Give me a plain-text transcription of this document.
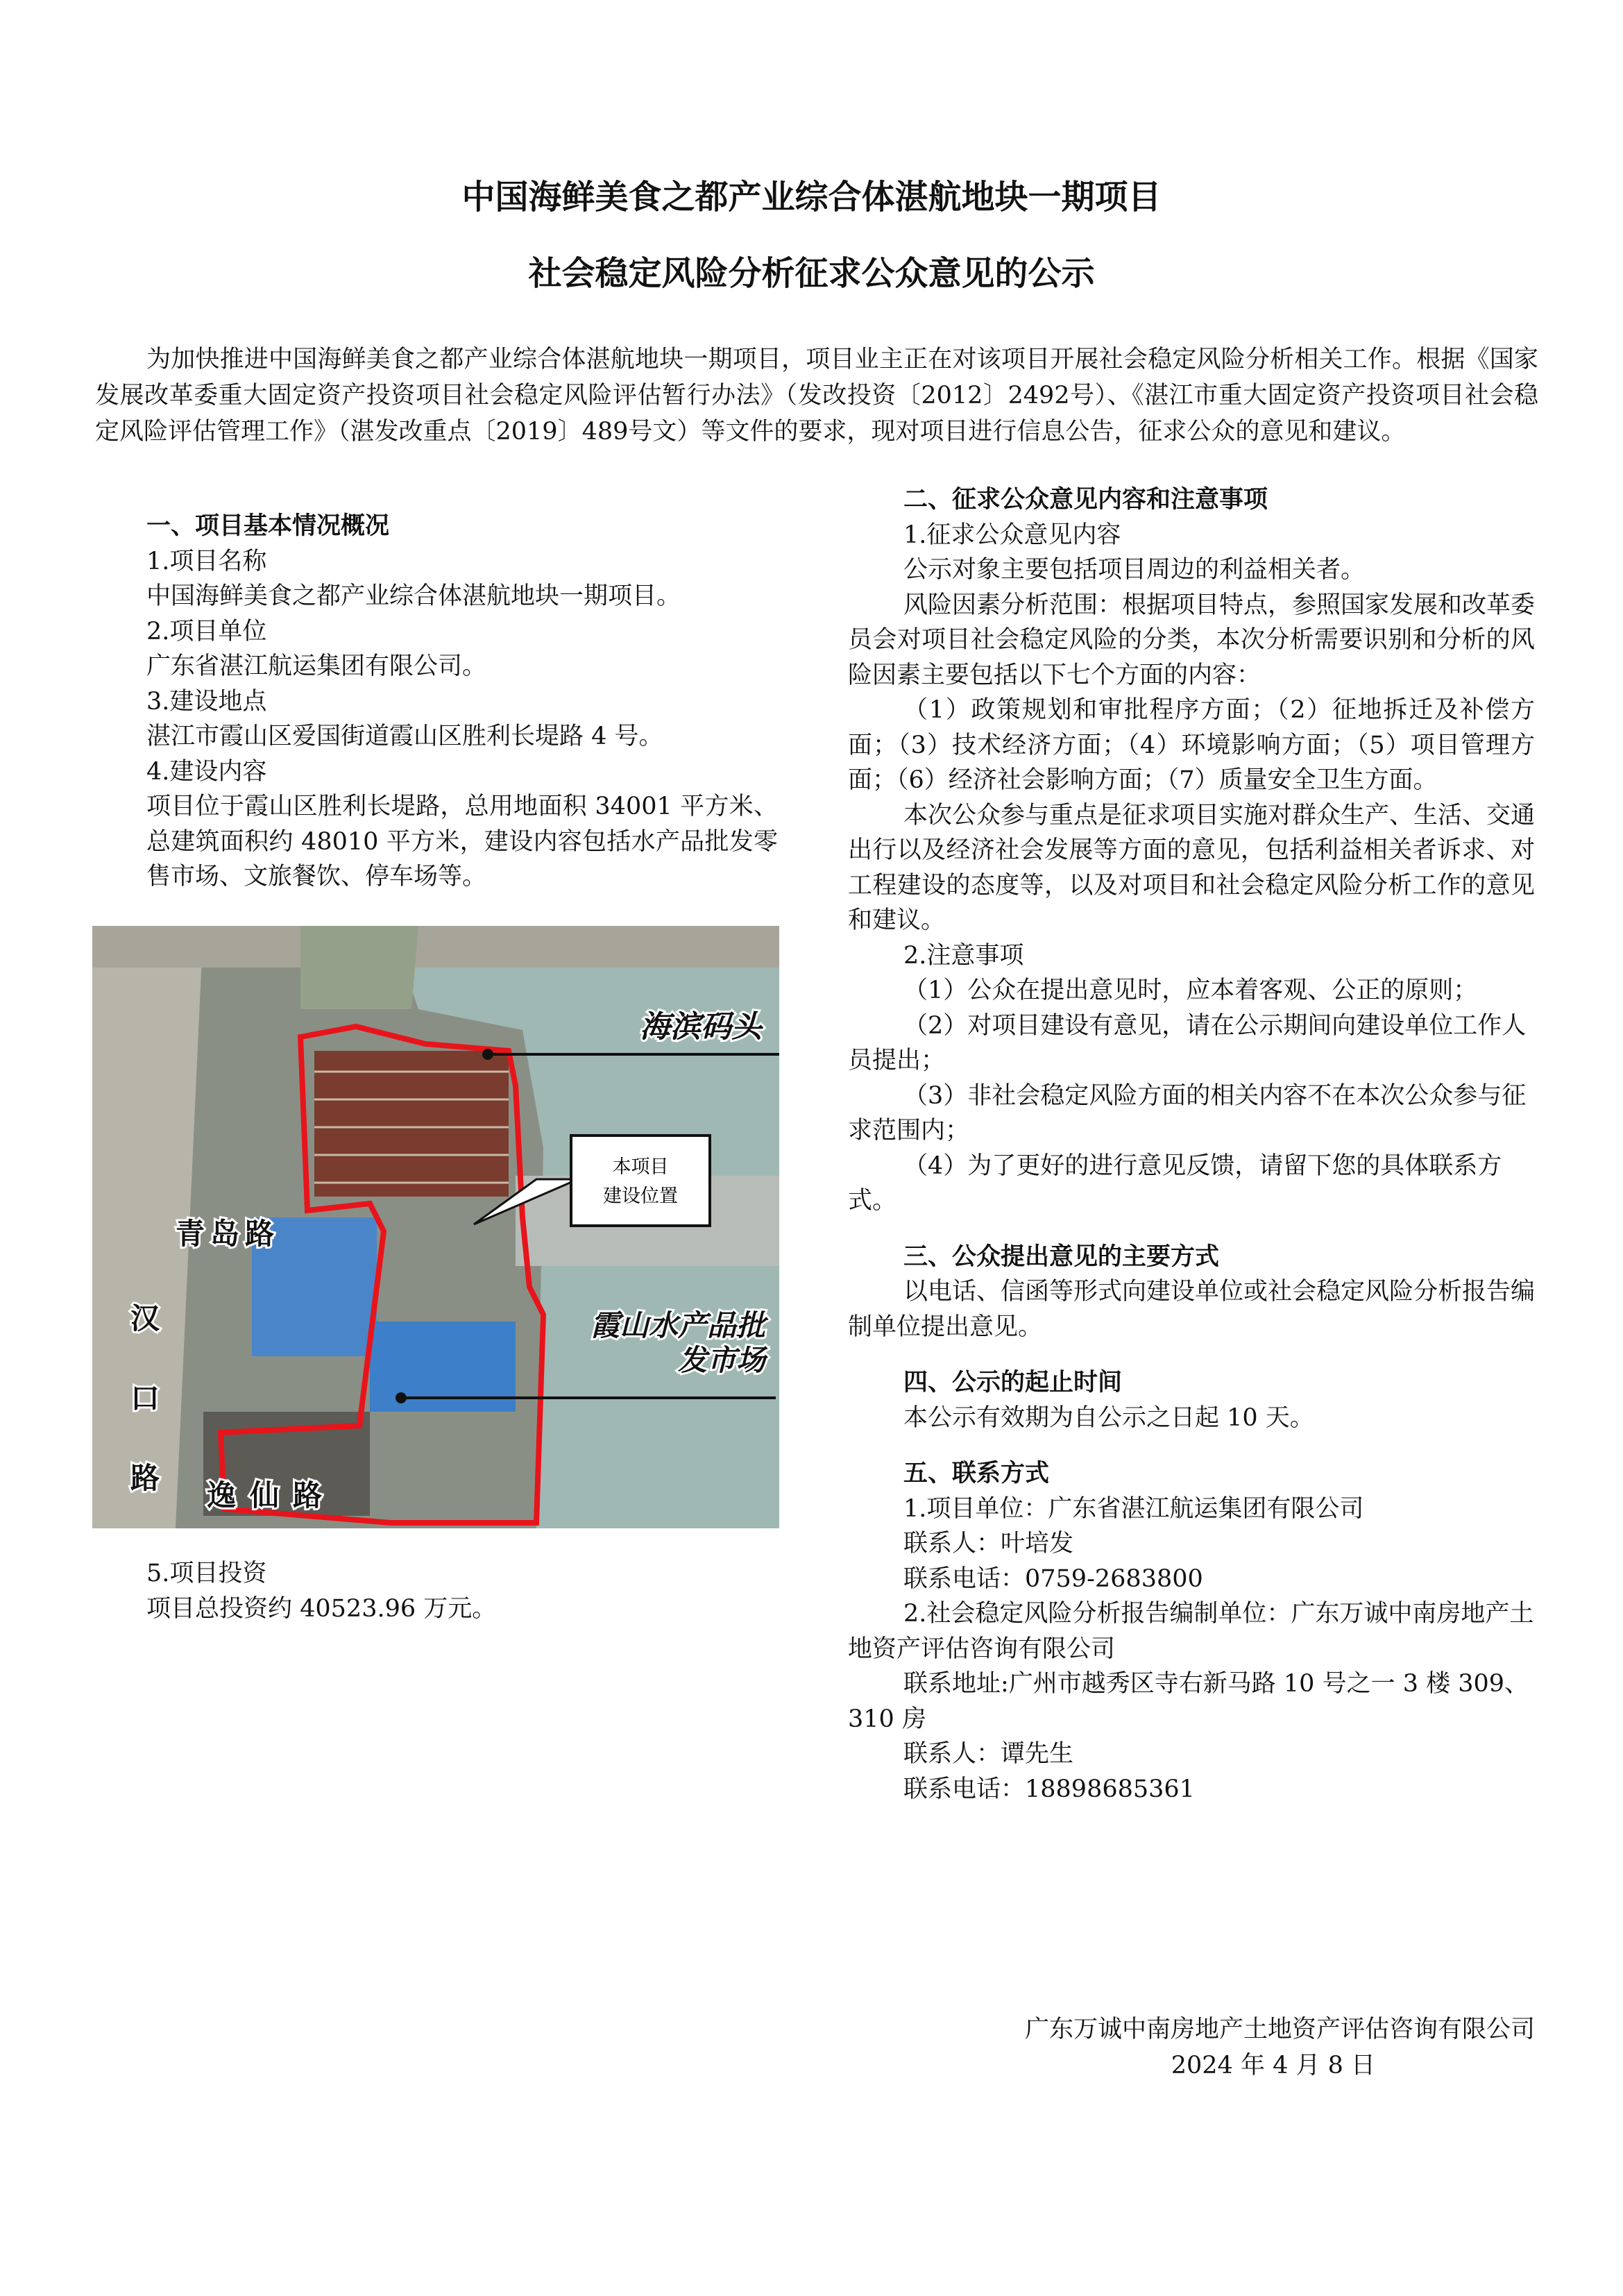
中国海鲜美食之都产业综合体湛航地块一期项目
社会稳定风险分析征求公众意见的公示

为加快推进中国海鲜美食之都产业综合体湛航地块一期项目，项目业主正在对该项目开展社会稳定风险分析相关工作。根据《国家发展改革委重大固定资产投资项目社会稳定风险评估暂行办法》（发改投资〔2012〕2492号）、《湛江市重大固定资产投资项目社会稳定风险评估管理工作》（湛发改重点〔2019〕489号文）等文件的要求，现对项目进行信息公告，征求公众的意见和建议。

一、项目基本情况概况

1.项目名称

中国海鲜美食之都产业综合体湛航地块一期项目。

2.项目单位

广东省湛江航运集团有限公司。

3.建设地点

湛江市霞山区爱国街道霞山区胜利长堤路 4 号。

4.建设内容

项目位于霞山区胜利长堤路，总用地面积 34001 平方米、总建筑面积约 48010 平方米，建设内容包括水产品批发零售市场、文旅餐饮、停车场等。

海滨码头
本项目
建设位置
青岛路
汉
口
路
逸仙路
霞山水产品批
发市场

5.项目投资

项目总投资约 40523.96 万元。

二、征求公众意见内容和注意事项

1.征求公众意见内容

公示对象主要包括项目周边的利益相关者。

风险因素分析范围：根据项目特点，参照国家发展和改革委员会对项目社会稳定风险的分类，本次分析需要识别和分析的风险因素主要包括以下七个方面的内容：

（1）政策规划和审批程序方面；（2）征地拆迁及补偿方面；（3）技术经济方面；（4）环境影响方面；（5）项目管理方面；（6）经济社会影响方面；（7）质量安全卫生方面。

本次公众参与重点是征求项目实施对群众生产、生活、交通出行以及经济社会发展等方面的意见，包括利益相关者诉求、对工程建设的态度等，以及对项目和社会稳定风险分析工作的意见和建议。

2.注意事项

（1）公众在提出意见时，应本着客观、公正的原则；

（2）对项目建设有意见，请在公示期间向建设单位工作人员提出；

（3）非社会稳定风险方面的相关内容不在本次公众参与征求范围内；

（4）为了更好的进行意见反馈，请留下您的具体联系方式。

三、公众提出意见的主要方式

以电话、信函等形式向建设单位或社会稳定风险分析报告编制单位提出意见。

四、公示的起止时间

本公示有效期为自公示之日起 10 天。

五、联系方式

1.项目单位：广东省湛江航运集团有限公司

联系人：叶培发

联系电话：0759-2683800

2.社会稳定风险分析报告编制单位：广东万诚中南房地产土地资产评估咨询有限公司

联系地址:广州市越秀区寺右新马路 10 号之一 3 楼 309、310 房

联系人：谭先生

联系电话：18898685361

广东万诚中南房地产土地资产评估咨询有限公司

2024 年 4 月 8 日
